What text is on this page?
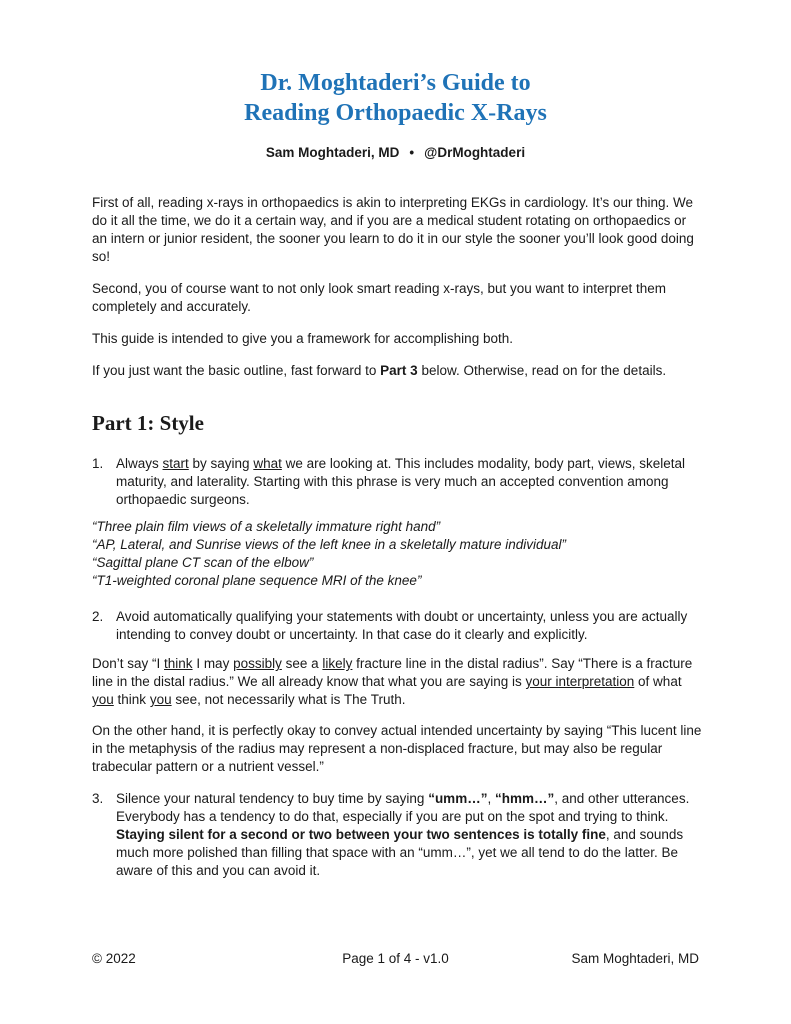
Dr. Moghtaderi’s Guide to
Reading Orthopaedic X-Rays
Sam Moghtaderi, MD • @DrMoghtaderi

First of all, reading x-rays in orthopaedics is akin to interpreting EKGs in cardiology. It’s our thing. We do it all the time, we do it a certain way, and if you are a medical student rotating on orthopaedics or an intern or junior resident, the sooner you learn to do it in our style the sooner you’ll look good doing so!

Second, you of course want to not only look smart reading x-rays, but you want to interpret them completely and accurately.

This guide is intended to give you a framework for accomplishing both.

If you just want the basic outline, fast forward to Part 3 below. Otherwise, read on for the details.

Part 1: Style
1. Always start by saying what we are looking at. This includes modality, body part, views, skeletal maturity, and laterality. Starting with this phrase is very much an accepted convention among orthopaedic surgeons.
“Three plain film views of a skeletally immature right hand”
“AP, Lateral, and Sunrise views of the left knee in a skeletally mature individual”
“Sagittal plane CT scan of the elbow”
“T1-weighted coronal plane sequence MRI of the knee”
2. Avoid automatically qualifying your statements with doubt or uncertainty, unless you are actually intending to convey doubt or uncertainty. In that case do it clearly and explicitly.

Don’t say “I think I may possibly see a likely fracture line in the distal radius”. Say “There is a fracture line in the distal radius.” We all already know that what you are saying is your interpretation of what you think you see, not necessarily what is The Truth.

On the other hand, it is perfectly okay to convey actual intended uncertainty by saying “This lucent line in the metaphysis of the radius may represent a non-displaced fracture, but may also be regular trabecular pattern or a nutrient vessel.”

3. Silence your natural tendency to buy time by saying “umm…”, “hmm…”, and other utterances. Everybody has a tendency to do that, especially if you are put on the spot and trying to think. Staying silent for a second or two between your two sentences is totally fine, and sounds much more polished than filling that space with an “umm…”, yet we all tend to do the latter. Be aware of this and you can avoid it.
© 2022	Page 1 of 4 - v1.0	Sam Moghtaderi, MD
